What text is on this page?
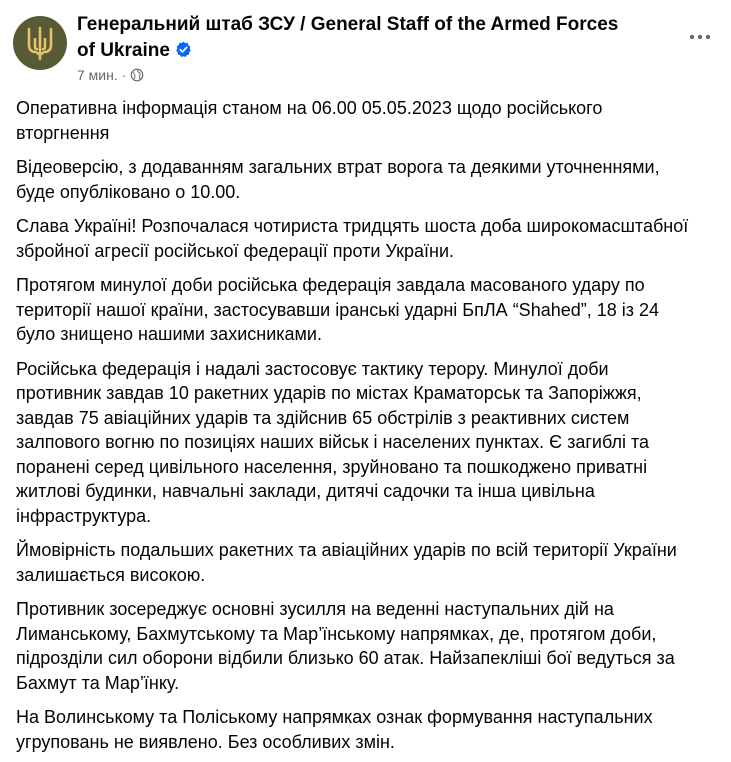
Генеральний штаб ЗСУ / General Staff of the Armed Forces of Ukraine
7 мин. ·

Оперативна інформація станом на 06.00 05.05.2023 щодо російського
вторгнення

Відеоверсію, з додаванням загальних втрат ворога та деякими уточненнями,
буде опубліковано о 10.00.

Слава Україні! Розпочалася чотириста тридцять шоста доба широкомасштабної
збройної агресії російської федерації проти України.

Протягом минулої доби російська федерація завдала масованого удару по
території нашої країни, застосувавши іранські ударні БпЛА “Shahed”, 18 із 24
було знищено нашими захисниками.

Російська федерація і надалі застосовує тактику терору. Минулої доби
противник завдав 10 ракетних ударів по містах Краматорськ та Запоріжжя,
завдав 75 авіаційних ударів та здійснив 65 обстрілів з реактивних систем
залпового вогню по позиціях наших військ і населених пунктах. Є загиблі та
поранені серед цивільного населення, зруйновано та пошкоджено приватні
житлові будинки, навчальні заклади, дитячі садочки та інша цивільна
інфраструктура.

Ймовірність подальших ракетних та авіаційних ударів по всій території України
залишається високою.

Противник зосереджує основні зусилля на веденні наступальних дій на
Лиманському, Бахмутському та Мар’їнському напрямках, де, протягом доби,
підрозділи сил оборони відбили близько 60 атак. Найзапекліші бої ведуться за
Бахмут та Мар’їнку.

На Волинському та Поліському напрямках ознак формування наступальних
угруповань не виявлено. Без особливих змін.
